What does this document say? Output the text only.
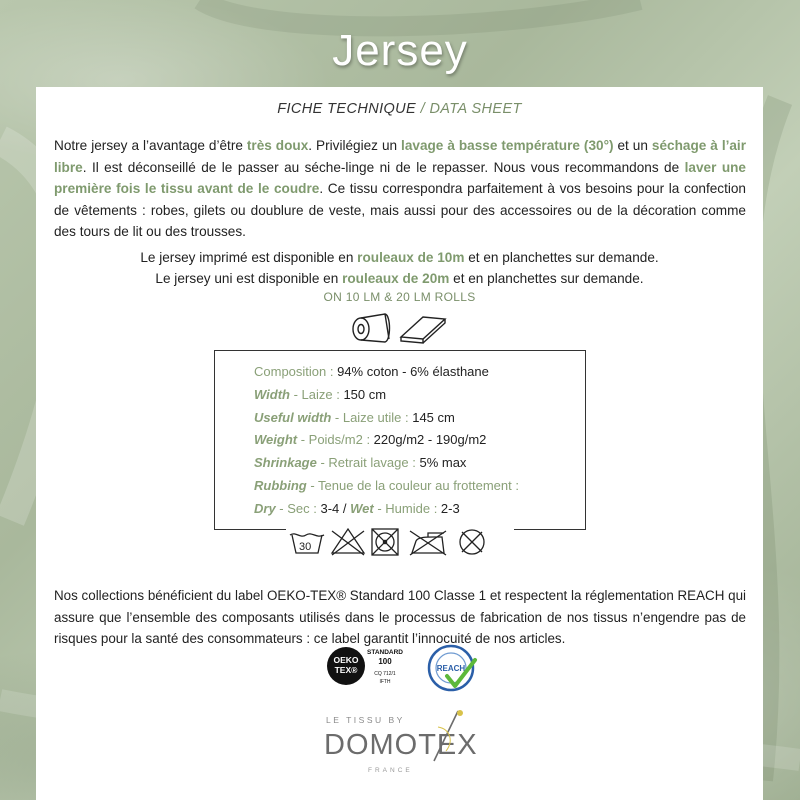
Jersey
FICHE TECHNIQUE / DATA SHEET
Notre jersey a l’avantage d’être très doux. Privilégiez un lavage à basse température (30°) et un séchage à l’air libre. Il est déconseillé de le passer au séche-linge ni de le repasser. Nous vous recommandons de laver une première fois le tissu avant de le coudre. Ce tissu correspondra parfaitement à vos besoins pour la confection de vêtements : robes, gilets ou doublure de veste, mais aussi pour des accessoires ou de la décoration comme des tours de lit ou des trousses.
Le jersey imprimé est disponible en rouleaux de 10m et en planchettes sur demande.
Le jersey uni est disponible en rouleaux de 20m et en planchettes sur demande.
ON 10 LM & 20 LM ROLLS
Composition : 94% coton - 6% élasthane
Width - Laize : 150 cm
Useful width - Laize utile : 145 cm
Weight - Poids/m2 : 220g/m2 - 190g/m2
Shrinkage - Retrait lavage : 5% max
Rubbing - Tenue de la couleur au frottement :
Dry - Sec : 3-4 / Wet - Humide : 2-3
30
Nos collections bénéficient du label OEKO-TEX® Standard 100 Classe 1 et respectent la réglementation REACH qui assure que l’ensemble des composants utilisés dans le processus de fabrication de nos tissus n’engendre pas de risques pour la santé des consommateurs : ce label garantit l’innocuité de nos articles.
OEKO
TEX®
STANDARD
100
CQ 712/1
IFTH
REACH
LE TISSU BY
DOMOTEX
FRANCE
